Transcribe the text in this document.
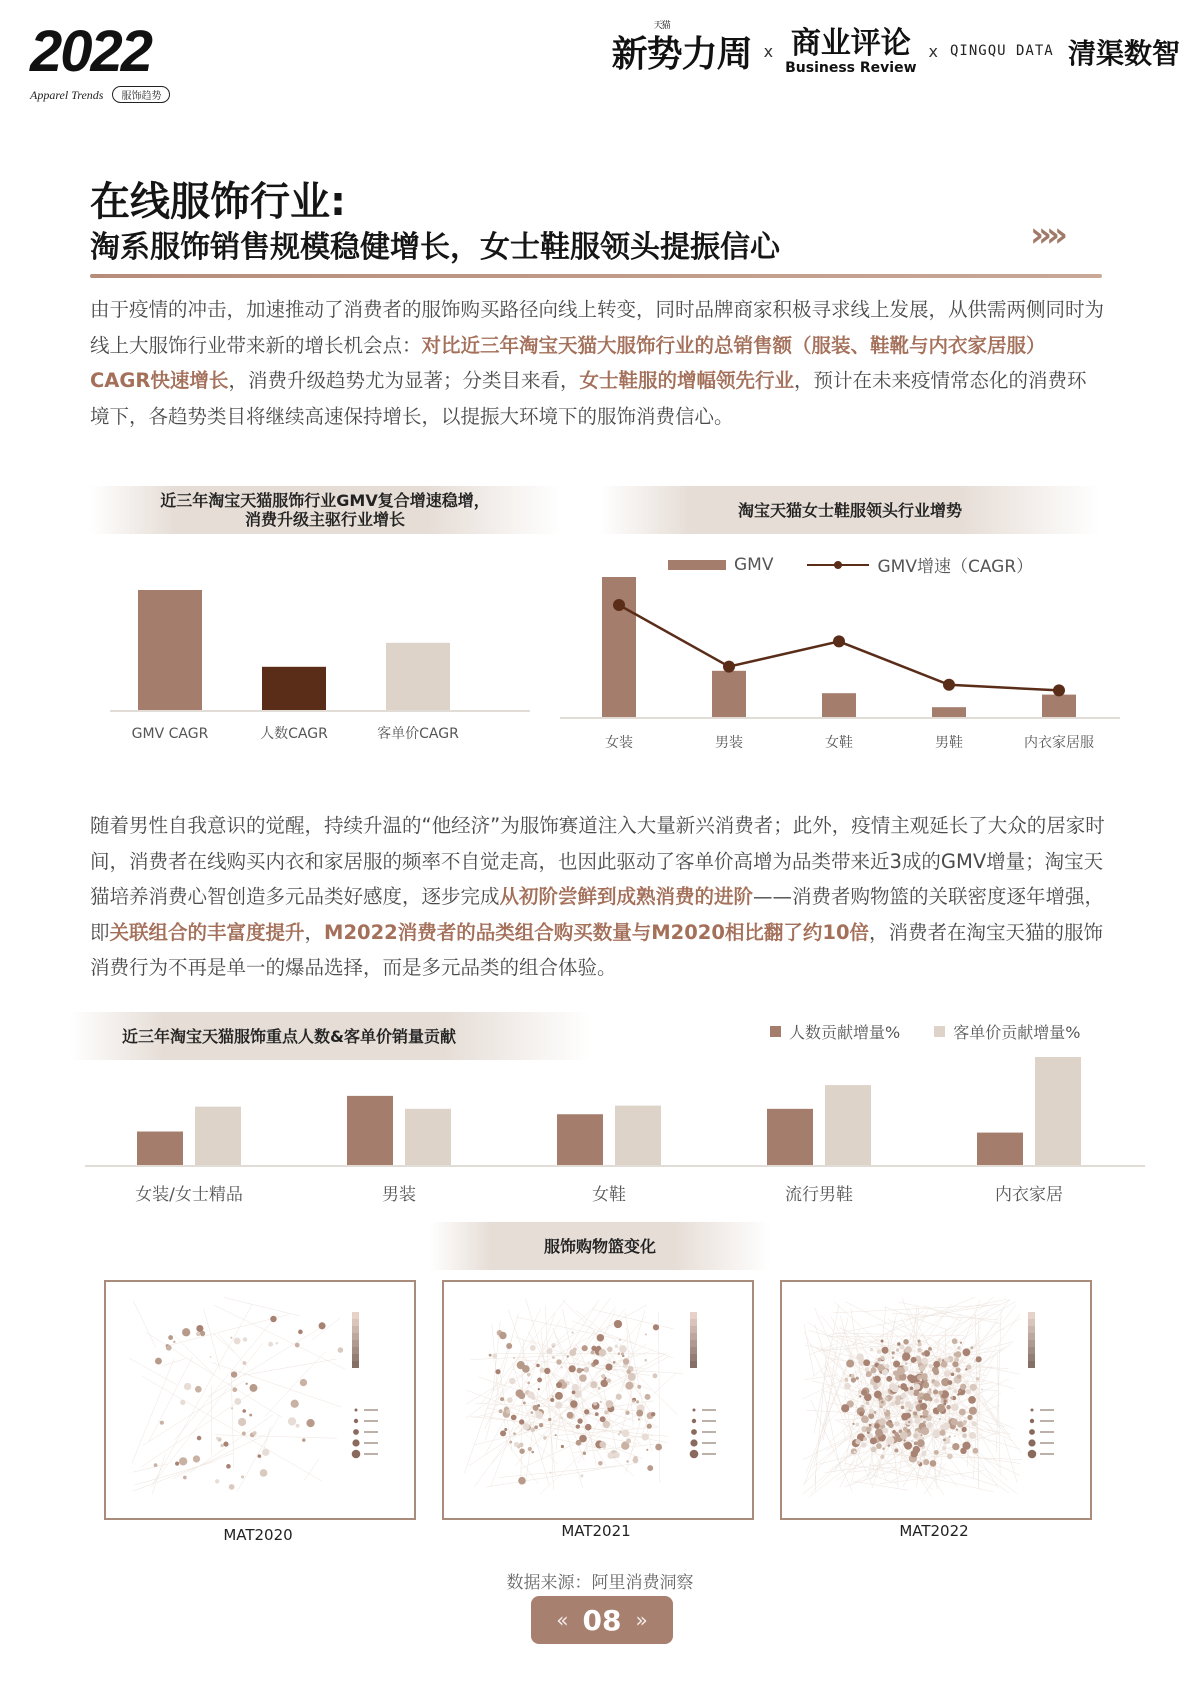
2022
Apparel Trends 服饰趋势
天猫
新势力周 x 商业评论
Business Review
x QINGQU DATA 清渠数智
在线服饰行业:
淘系服饰销售规模稳健增长，女士鞋服领头提振信心	››››
由于疫情的冲击，加速推动了消费者的服饰购买路径向线上转变，同时品牌商家积极寻求线上发展，从供需两侧同时为线上大服饰行业带来新的增长机会点：对比近三年淘宝天猫大服饰行业的总销售额（服装、鞋靴与内衣家居服）CAGR快速增长，消费升级趋势尤为显著；分类目来看，女士鞋服的增幅领先行业，预计在未来疫情常态化的消费环境下，各趋势类目将继续高速保持增长，以提振大环境下的服饰消费信心。
近三年淘宝天猫服饰行业GMV复合增速稳增，
消费升级主驱行业增长
GMV CAGR	人数CAGR	客单价CAGR
淘宝天猫女士鞋服领头行业增势
GMV	GMV增速（CAGR）
女装	男装	女鞋	男鞋	内衣家居服
随着男性自我意识的觉醒，持续升温的“他经济”为服饰赛道注入大量新兴消费者；此外，疫情主观延长了大众的居家时间，消费者在线购买内衣和家居服的频率不自觉走高，也因此驱动了客单价高增为品类带来近3成的GMV增量；淘宝天猫培养消费心智创造多元品类好感度，逐步完成从初阶尝鲜到成熟消费的进阶——消费者购物篮的关联密度逐年增强，即关联组合的丰富度提升，M2022消费者的品类组合购买数量与M2020相比翻了约10倍，消费者在淘宝天猫的服饰消费行为不再是单一的爆品选择，而是多元品类的组合体验。
近三年淘宝天猫服饰重点人数&客单价销量贡献	人数贡献增量%	客单价贡献增量%
女装/女士精品	男装	女鞋	流行男鞋	内衣家居
服饰购物篮变化
MAT2020	MAT2021	MAT2022
数据来源：阿里消费洞察
« 08 »
